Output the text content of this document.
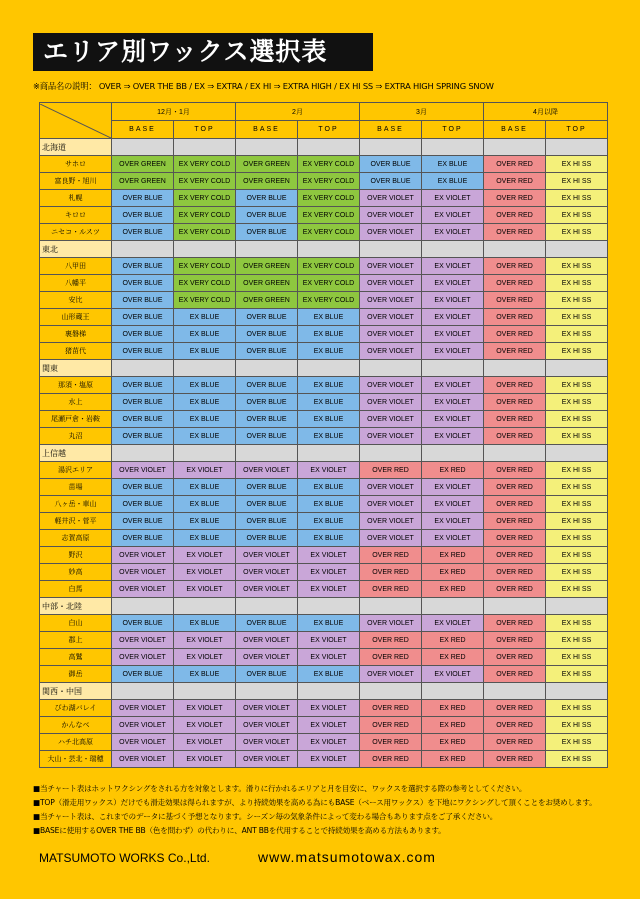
エリア別ワックス選択表
※商品名の説明： OVER ⇒ OVER THE BB / EX ⇒ EXTRA / EX HI ⇒ EXTRA HIGH / EX HI SS ⇒ EXTRA HIGH SPRING SNOW
	12月・1月		2月		3月		4月以降	
	BASE	TOP	BASE	TOP	BASE	TOP	BASE	TOP
北海道								
サホロ	OVER GREEN	EX VERY COLD	OVER GREEN	EX VERY COLD	OVER BLUE	EX BLUE	OVER RED	EX HI SS
富良野・旭川	OVER GREEN	EX VERY COLD	OVER GREEN	EX VERY COLD	OVER BLUE	EX BLUE	OVER RED	EX HI SS
札幌	OVER BLUE	EX VERY COLD	OVER BLUE	EX VERY COLD	OVER VIOLET	EX VIOLET	OVER RED	EX HI SS
キロロ	OVER BLUE	EX VERY COLD	OVER BLUE	EX VERY COLD	OVER VIOLET	EX VIOLET	OVER RED	EX HI SS
ニセコ・ルスツ	OVER BLUE	EX VERY COLD	OVER BLUE	EX VERY COLD	OVER VIOLET	EX VIOLET	OVER RED	EX HI SS
東北								
八甲田	OVER BLUE	EX VERY COLD	OVER GREEN	EX VERY COLD	OVER VIOLET	EX VIOLET	OVER RED	EX HI SS
八幡平	OVER BLUE	EX VERY COLD	OVER GREEN	EX VERY COLD	OVER VIOLET	EX VIOLET	OVER RED	EX HI SS
安比	OVER BLUE	EX VERY COLD	OVER GREEN	EX VERY COLD	OVER VIOLET	EX VIOLET	OVER RED	EX HI SS
山形蔵王	OVER BLUE	EX BLUE	OVER BLUE	EX BLUE	OVER VIOLET	EX VIOLET	OVER RED	EX HI SS
裏磐梯	OVER BLUE	EX BLUE	OVER BLUE	EX BLUE	OVER VIOLET	EX VIOLET	OVER RED	EX HI SS
猪苗代	OVER BLUE	EX BLUE	OVER BLUE	EX BLUE	OVER VIOLET	EX VIOLET	OVER RED	EX HI SS
関東								
那須・塩原	OVER BLUE	EX BLUE	OVER BLUE	EX BLUE	OVER VIOLET	EX VIOLET	OVER RED	EX HI SS
水上	OVER BLUE	EX BLUE	OVER BLUE	EX BLUE	OVER VIOLET	EX VIOLET	OVER RED	EX HI SS
尾瀬戸倉・岩鞍	OVER BLUE	EX BLUE	OVER BLUE	EX BLUE	OVER VIOLET	EX VIOLET	OVER RED	EX HI SS
丸沼	OVER BLUE	EX BLUE	OVER BLUE	EX BLUE	OVER VIOLET	EX VIOLET	OVER RED	EX HI SS
上信越								
湯沢エリア	OVER VIOLET	EX VIOLET	OVER VIOLET	EX VIOLET	OVER RED	EX RED	OVER RED	EX HI SS
苗場	OVER BLUE	EX BLUE	OVER BLUE	EX BLUE	OVER VIOLET	EX VIOLET	OVER RED	EX HI SS
八ヶ岳・車山	OVER BLUE	EX BLUE	OVER BLUE	EX BLUE	OVER VIOLET	EX VIOLET	OVER RED	EX HI SS
軽井沢・菅平	OVER BLUE	EX BLUE	OVER BLUE	EX BLUE	OVER VIOLET	EX VIOLET	OVER RED	EX HI SS
志賀高原	OVER BLUE	EX BLUE	OVER BLUE	EX BLUE	OVER VIOLET	EX VIOLET	OVER RED	EX HI SS
野沢	OVER VIOLET	EX VIOLET	OVER VIOLET	EX VIOLET	OVER RED	EX RED	OVER RED	EX HI SS
妙高	OVER VIOLET	EX VIOLET	OVER VIOLET	EX VIOLET	OVER RED	EX RED	OVER RED	EX HI SS
白馬	OVER VIOLET	EX VIOLET	OVER VIOLET	EX VIOLET	OVER RED	EX RED	OVER RED	EX HI SS
中部・北陸								
白山	OVER BLUE	EX BLUE	OVER BLUE	EX BLUE	OVER VIOLET	EX VIOLET	OVER RED	EX HI SS
郡上	OVER VIOLET	EX VIOLET	OVER VIOLET	EX VIOLET	OVER RED	EX RED	OVER RED	EX HI SS
高鷲	OVER VIOLET	EX VIOLET	OVER VIOLET	EX VIOLET	OVER RED	EX RED	OVER RED	EX HI SS
御岳	OVER BLUE	EX BLUE	OVER BLUE	EX BLUE	OVER VIOLET	EX VIOLET	OVER RED	EX HI SS
関西・中国								
びわ湖バレイ	OVER VIOLET	EX VIOLET	OVER VIOLET	EX VIOLET	OVER RED	EX RED	OVER RED	EX HI SS
かんなべ	OVER VIOLET	EX VIOLET	OVER VIOLET	EX VIOLET	OVER RED	EX RED	OVER RED	EX HI SS
ハチ北高原	OVER VIOLET	EX VIOLET	OVER VIOLET	EX VIOLET	OVER RED	EX RED	OVER RED	EX HI SS
大山・芸北・瑞穂	OVER VIOLET	EX VIOLET	OVER VIOLET	EX VIOLET	OVER RED	EX RED	OVER RED	EX HI SS
■当チャート表はホットワクシングをされる方を対象とします。滑りに行かれるエリアと月を目安に、ワックスを選択する際の参考としてください。
■TOP（滑走用ワックス）だけでも滑走効果は得られますが、より持続効果を高める為にもBASE（ベース用ワックス）を下地にワクシングして頂くことをお奨めします。
■当チャート表は、これまでのデータに基づく予想となります。シーズン毎の気象条件によって変わる場合もあります点をご了承ください。
■BASEに使用するOVER THE BB（色を問わず）の代わりに、ANT BBを代用することで持続効果を高める方法もあります。
MATSUMOTO WORKS Co.,Ltd.	www.matsumotowax.com
